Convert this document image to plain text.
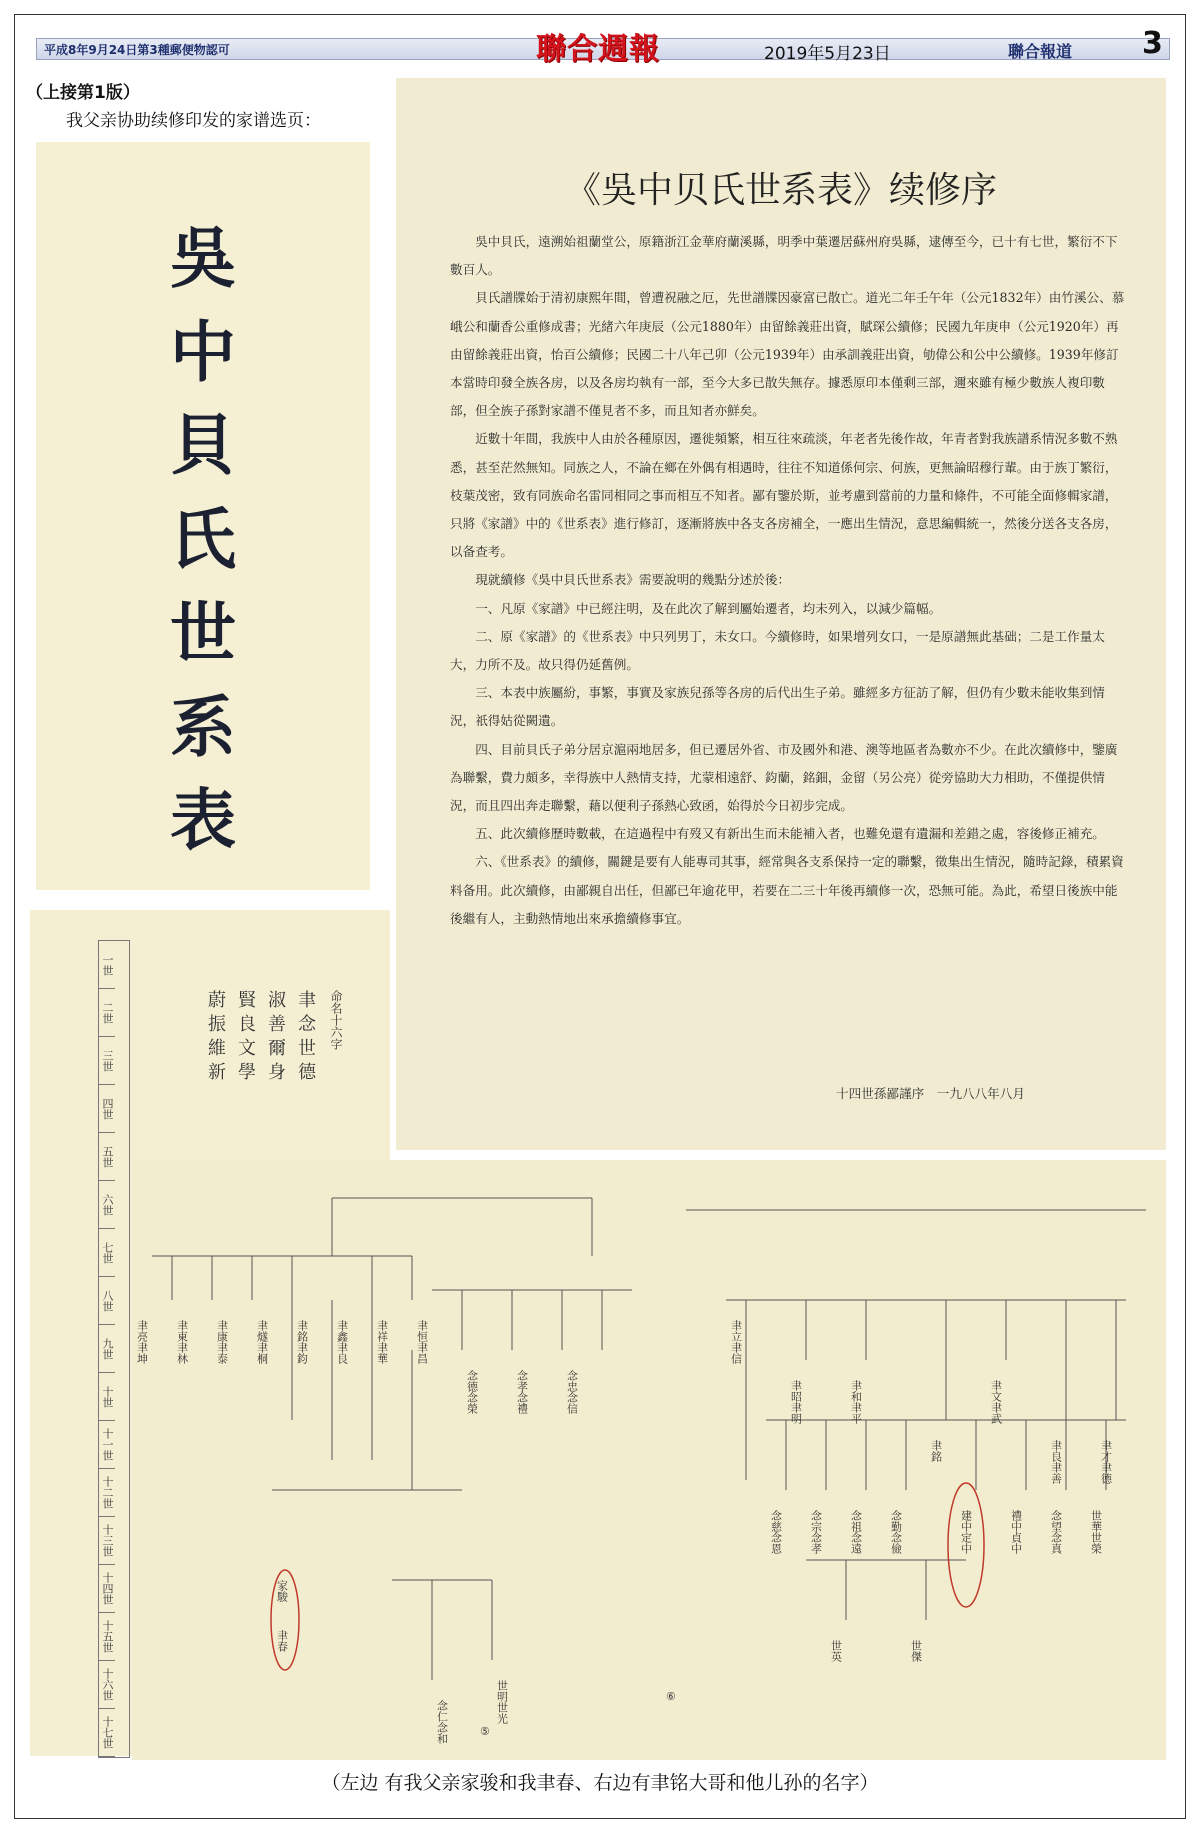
平成8年9月24日第3種郵便物認可	聯合週報	2019年5月23日	聯合報道 3
（上接第1版）
我父亲协助续修印发的家谱选页：
吳
中
貝
氏
世
系
表
《吳中贝氏世系表》续修序

吳中貝氏，遠溯始祖蘭堂公，原籍浙江金華府蘭溪縣，明季中葉遷居蘇州府吳縣，逮傳至今，已十有七世，繁衍不下數百人。

貝氏譜牒始于清初康熙年間，曾遭祝融之厄，先世譜牒因豪富已散亡。道光二年壬午年（公元1832年）由竹溪公、慕峨公和蘭香公重修成書；光緒六年庚辰（公元1880年）由留餘義莊出資，賦琛公續修；民國九年庚申（公元1920年）再由留餘義莊出資，怡百公續修；民國二十八年己卯（公元1939年）由承訓義莊出資，劬偉公和公中公續修。1939年修訂本當時印發全族各房，以及各房均執有一部，至今大多已散失無存。據悉原印本僅剩三部，邇來雖有極少數族人複印數部，但全族子孫對家譜不僅見者不多，而且知者亦鮮矣。

近數十年間，我族中人由於各種原因，遷徙頻繁，相互往來疏淡，年老者先後作故，年青者對我族譜系情況多數不熟悉，甚至茫然無知。同族之人，不論在鄉在外偶有相遇時，往往不知道係何宗、何族，更無論昭穆行輩。由于族丁繁衍，枝葉茂密，致有同族命名雷同相同之事而相互不知者。鄙有鑒於斯，並考慮到當前的力量和條件，不可能全面修輯家譜，只將《家譜》中的《世系表》進行修訂，逐漸將族中各支各房補全，一應出生情況，意思編輯統一，然後分送各支各房，以备查考。

現就續修《吳中貝氏世系表》需要說明的幾點分述於後：

一、凡原《家譜》中已經注明，及在此次了解到屬始遷者，均未列入，以減少篇幅。

二、原《家譜》的《世系表》中只列男丁，未女口。今續修時，如果增列女口，一是原譜無此基础；二是工作量太大，力所不及。故只得仍延舊例。

三、本表中族屬紛，事繁，事實及家族兒孫等各房的后代出生子弟。雖經多方征訪了解，但仍有少數未能收集到情況，祇得姑從闕遺。

四、目前貝氏子弟分居京滬兩地居多，但已遷居外省、市及國外和港、澳等地區者為數亦不少。在此次續修中，鑒廣為聯繫，費力頗多，幸得族中人熱情支持，尤蒙相遠舒、鈞蘭，銘鈿，金留（另公亮）從旁協助大力相助，不僅提供情況，而且四出奔走聯繫，藉以便利子孫熱心致函，始得於今日初步完成。

五、此次續修歷時數載，在這過程中有歿又有新出生而未能補入者，也難免還有遺漏和差錯之處，容後修正補充。

六、《世系表》的續修，關鍵是要有人能專司其事，經常與各支系保持一定的聯繫，徵集出生情況，隨時記錄，積累資料备用。此次續修，由鄙親自出任，但鄙已年逾花甲，若要在二三十年後再續修一次，恐無可能。為此，希望日後族中能後繼有人，主動熱情地出來承擔續修事宜。

十四世孫鄙謹序　一九八八年八月
一世
二世
三世
四世
五世
六世
七世
八世
九世
十世
十一世
十二世
十三世
十四世
十五世
十六世
十七世
命名十六字
聿念世德
淑善爾身
賢良文學
蔚振維新
聿亮聿坤 聿東聿林 聿康聿泰 聿燧聿桐 聿銘聿鈞 聿鑫聿良 聿祥聿華 聿恒聿昌
念德念榮	念孝念禮	念忠念信
家駿
聿春
念仁念和	世明世光
⑤
聿立聿信
聿昭聿明	聿和聿平
聿銘
聿文聿武
聿良聿善	聿才聿德
念慈念恩 念宗念孝 念祖念遠 念勤念儉	建中定中	禮中貞中 念望念真 世華世榮
世英	世傑
⑥
（左边 有我父亲家骏和我聿春、右边有聿铭大哥和他儿孙的名字）
